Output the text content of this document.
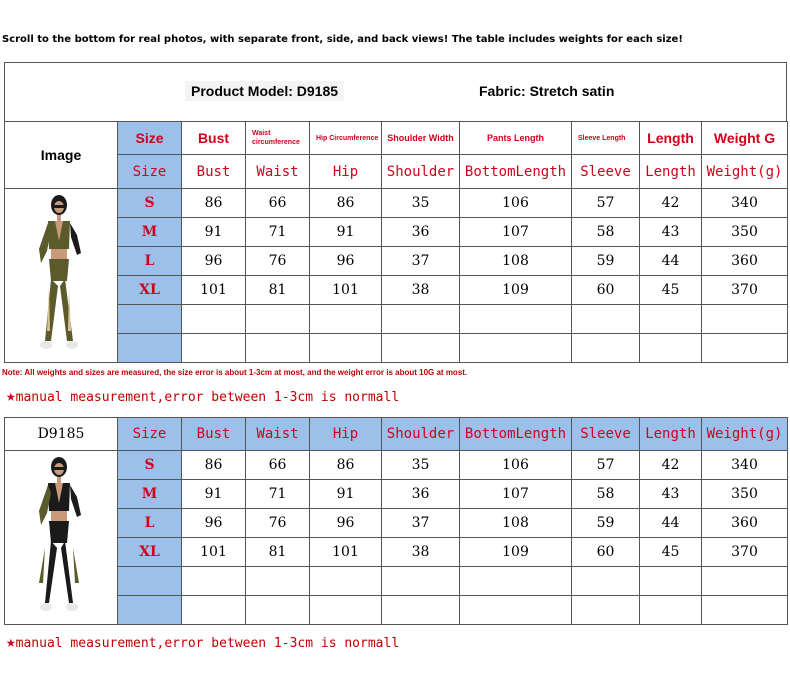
Scroll to the bottom for real photos, with separate front, side, and back views! The table includes weights for each size!
Product Model: D9185	Fabric: Stretch satin
Image	Size	Bust	Waist circumference	Hip Circumference	Shoulder Width	Pants Length	Sleeve Length	Length	Weight G
	Size	Bust	Waist	Hip	Shoulder	BottomLength	Sleeve	Length	Weight(g)
	S	86	66	86	35	106	57	42	340
	M	91	71	91	36	107	58	43	350
	L	96	76	96	37	108	59	44	360
	XL	101	81	101	38	109	60	45	370

Note: All weights and sizes are measured, the size error is about 1-3cm at most, and the weight error is about 10G at most.
★manual measurement,error between 1-3cm is normall
D9185	Size	Bust	Waist	Hip	Shoulder	BottomLength	Sleeve	Length	Weight(g)
	S	86	66	86	35	106	57	42	340
	M	91	71	91	36	107	58	43	350
	L	96	76	96	37	108	59	44	360
	XL	101	81	101	38	109	60	45	370

★manual measurement,error between 1-3cm is normall
